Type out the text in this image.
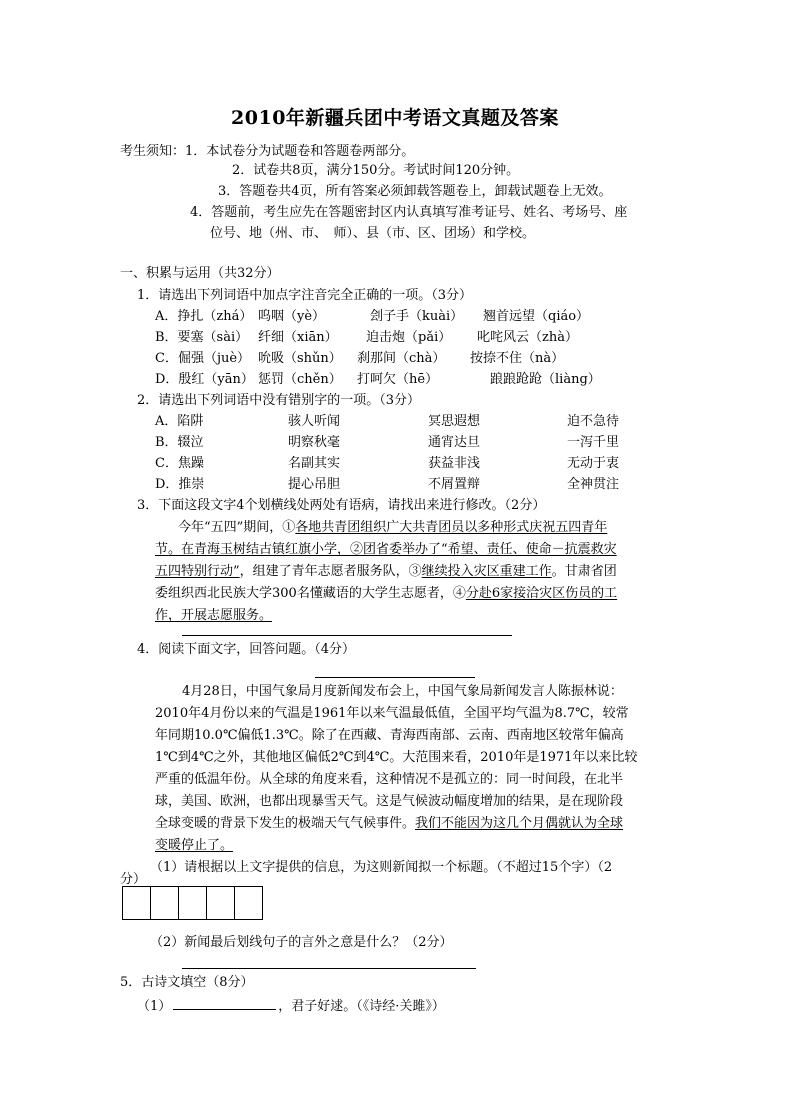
2010年新疆兵团中考语文真题及答案
考生须知：1．本试卷分为试题卷和答题卷两部分。
2．试卷共8页，满分150分。考试时间120分钟。
3．答题卷共4页，所有答案必须卸载答题卷上，卸载试题卷上无效。
4．答题前，考生应先在答题密封区内认真填写准考证号、姓名、考场号、座
位号、地（州、市、　师）、县（市、区、团场）和学校。
一、积累与运用（共32分）
1．请选出下列词语中加点字注音完全正确的一项。（3分）
A．挣扎（zhá） 呜咽（yè）	刽子手（kuài） 翘首远望（qiáo）
B．要塞（sài） 纤细（xiān） 迫击炮（pǎi） 叱咤风云（zhà）
C．倔强（juè） 吮吸（shǔn） 刹那间（chà） 按捺不住（nà）
D．殷红（yān） 惩罚（chěn） 打呵欠（hē）	踉踉跄跄（liàng）
2．请选出下列词语中没有错别字的一项。（3分）
A．陷阱	骇人听闻	冥思遐想	迫不急待
B．辍泣	明察秋毫	通宵达旦	一泻千里
C．焦躁	名副其实	获益非浅	无动于衷
D．推崇	提心吊胆	不屑置辩	全神贯注
3．下面这段文字4个划横线处两处有语病，请找出来进行修改。（2分）
今年“五四”期间，①各地共青团组织广大共青团员以多种形式庆祝五四青年
节。在青海玉树结古镇红旗小学，②团省委举办了“希望、责任、使命－抗震救灾
五四特别行动”，组建了青年志愿者服务队，③继续投入灾区重建工作。甘肃省团
委组织西北民族大学300名懂藏语的大学生志愿者，④分赴6家接洽灾区伤员的工
作，开展志愿服务。
4．阅读下面文字，回答问题。（4分）
4月28日，中国气象局月度新闻发布会上，中国气象局新闻发言人陈振林说：
2010年4月份以来的气温是1961年以来气温最低值，全国平均气温为8.7℃，较常
年同期10.0℃偏低1.3℃。除了在西藏、青海西南部、云南、西南地区较常年偏高
1℃到4℃之外，其他地区偏低2℃到4℃。大范围来看，2010年是1971年以来比较
严重的低温年份。从全球的角度来看，这种情况不是孤立的：同一时间段，在北半
球，美国、欧洲，也都出现暴雪天气。这是气候波动幅度增加的结果，是在现阶段
全球变暖的背景下发生的极端天气气候事件。我们不能因为这几个月偶就认为全球
变暖停止了。
（1）请根据以上文字提供的信息，为这则新闻拟一个标题。（不超过15个字）（2
分）
（2）新闻最后划线句子的言外之意是什么？（2分）
5．古诗文填空（8分）
（1）	，君子好逑。（《诗经·关雎》）
